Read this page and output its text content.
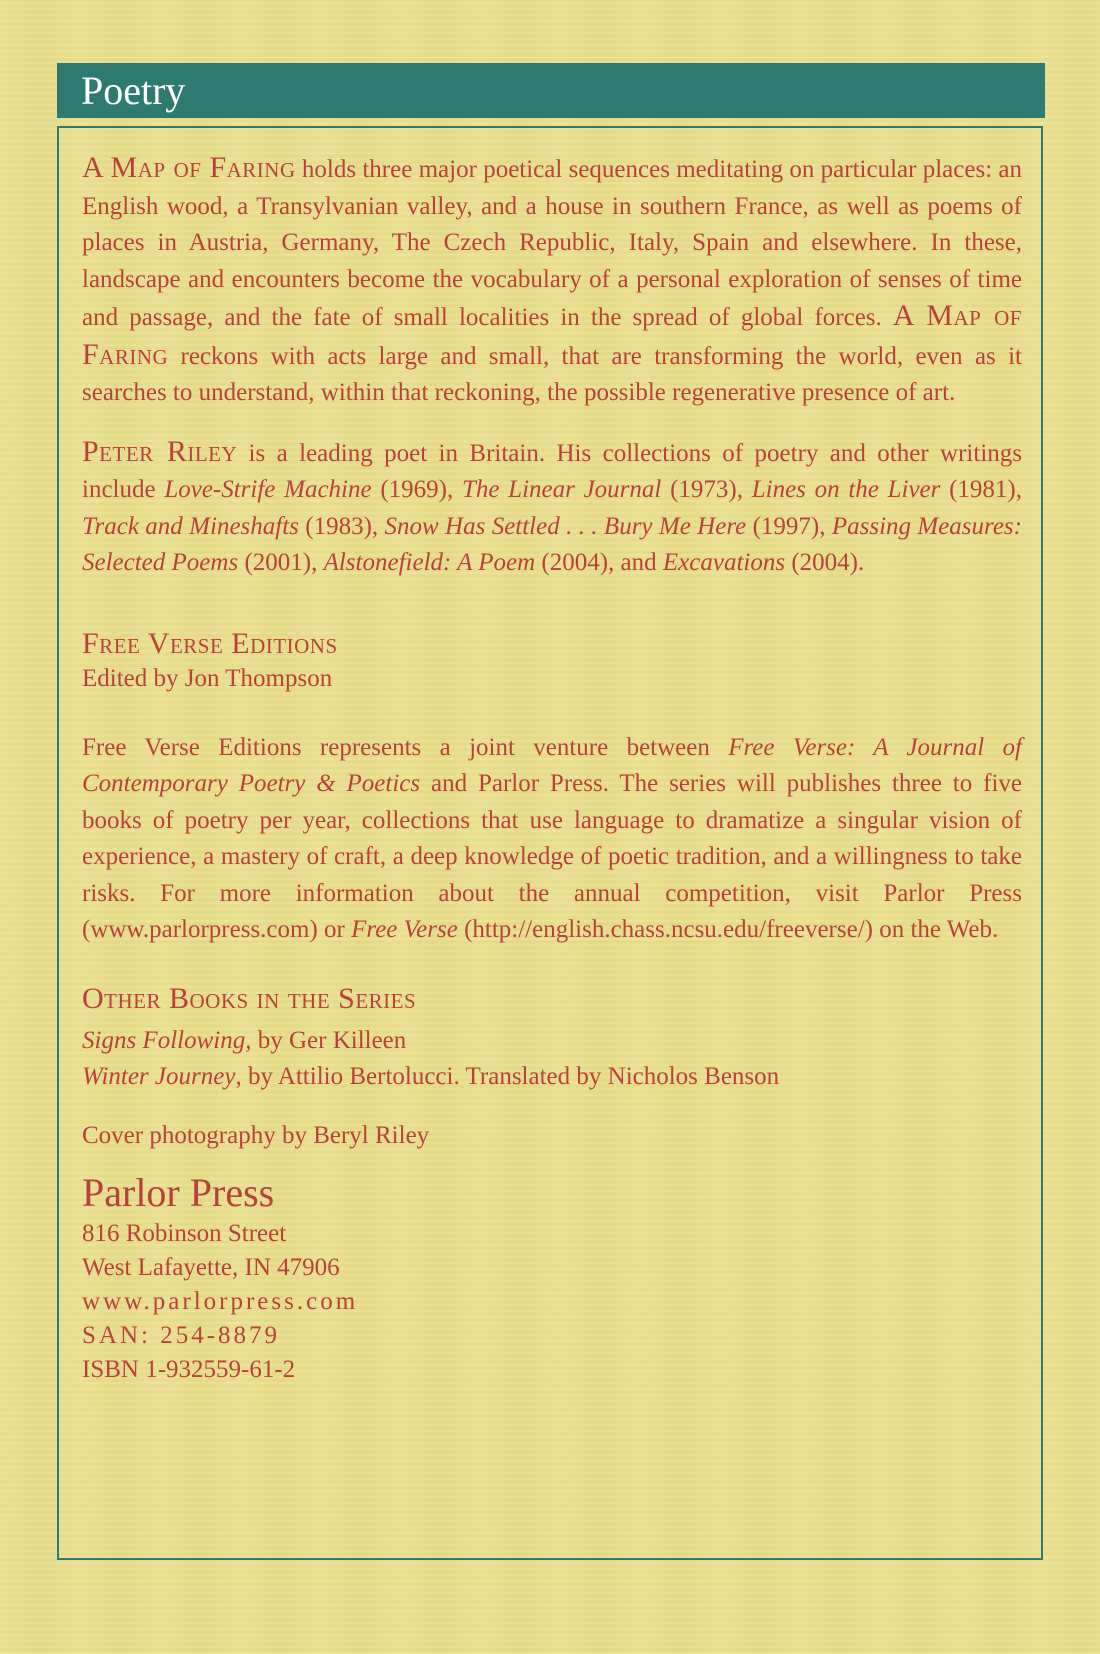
Poetry

A Map of Faring holds three major poetical sequences meditating on particular places: an English wood, a Transylvanian valley, and a house in southern France, as well as poems of places in Austria, Germany, The Czech Republic, Italy, Spain and elsewhere. In these, landscape and encounters become the vocabulary of a personal exploration of senses of time and passage, and the fate of small localities in the spread of global forces. A Map of Faring reckons with acts large and small, that are transforming the world, even as it searches to understand, within that reckoning, the possible regenerative presence of art.

Peter Riley is a leading poet in Britain. His collections of poetry and other writings include Love-Strife Machine (1969), The Linear Journal (1973), Lines on the Liver (1981), Track and Mineshafts (1983), Snow Has Settled . . . Bury Me Here (1997), Passing Measures: Selected Poems (2001), Alstonefield: A Poem (2004), and Excavations (2004).

Free Verse Editions
Edited by Jon Thompson

Free Verse Editions represents a joint venture between Free Verse: A Journal of Contemporary Poetry & Poetics and Parlor Press. The series will publishes three to five books of poetry per year, collections that use language to dramatize a singular vision of experience, a mastery of craft, a deep knowledge of poetic tradition, and a willingness to take risks. For more information about the annual competition, visit Parlor Press (www.parlorpress.com) or Free Verse (http://english.chass.ncsu.edu/freeverse/) on the Web.

Other Books in the Series
Signs Following, by Ger Killeen
Winter Journey, by Attilio Bertolucci. Translated by Nicholos Benson
Cover photography by Beryl Riley
Parlor Press
816 Robinson Street
West Lafayette, IN 47906
www.parlorpress.com
SAN: 254-8879
ISBN 1-932559-61-2
